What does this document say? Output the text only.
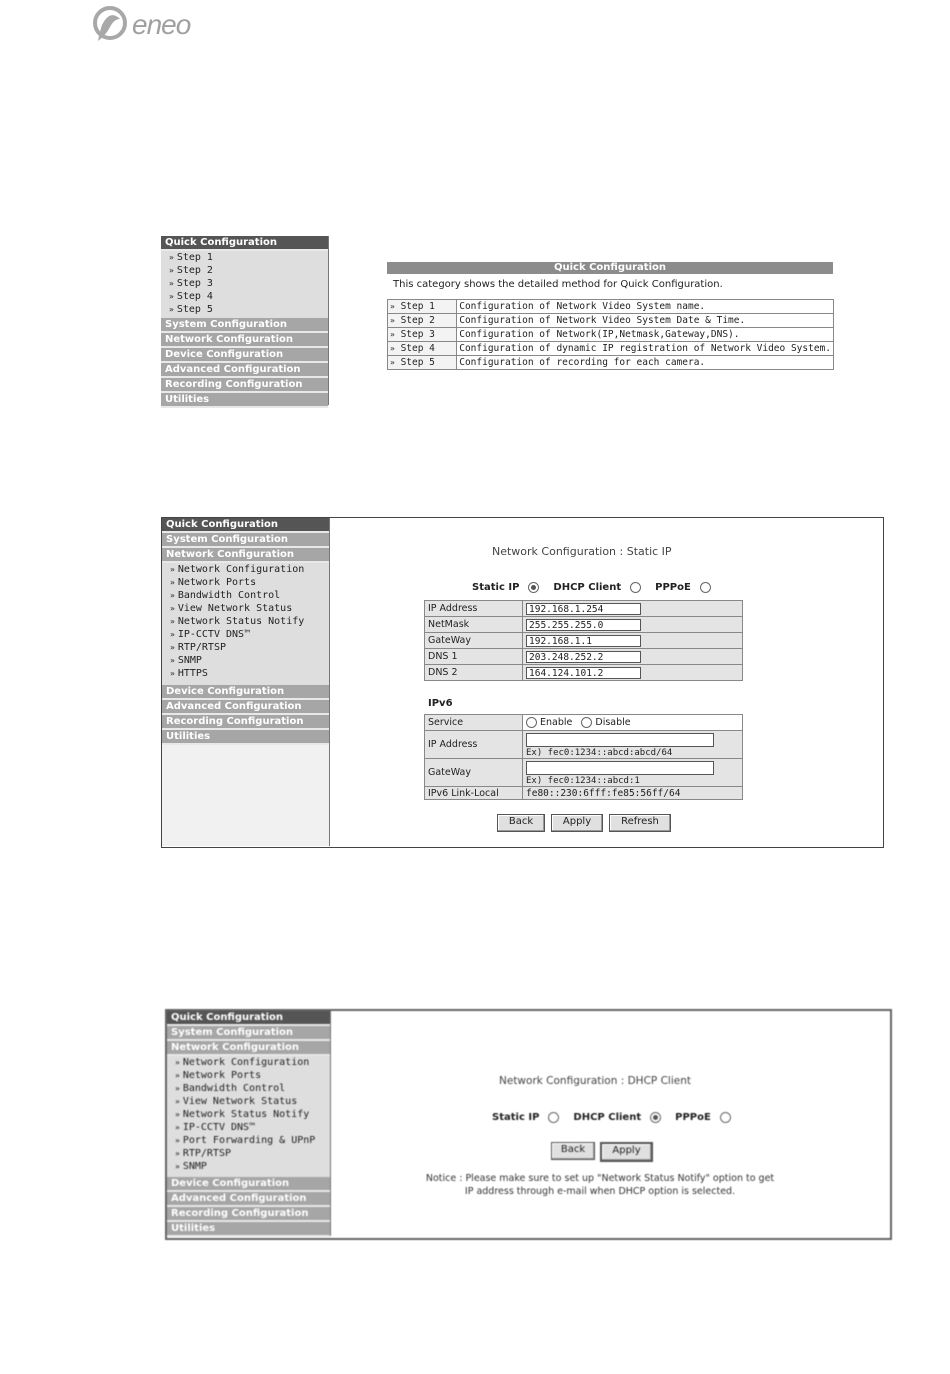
eneo
Quick Configuration
» Step 1
» Step 2
» Step 3
» Step 4
» Step 5
System Configuration
Network Configuration
Device Configuration
Advanced Configuration
Recording Configuration
Utilities
Quick Configuration
This category shows the detailed method for Quick Configuration.
» Step 1	Configuration of Network Video System name.
» Step 2	Configuration of Network Video System Date & Time.
» Step 3	Configuration of Network(IP,Netmask,Gateway,DNS).
» Step 4	Configuration of dynamic IP registration of Network Video System.
» Step 5	Configuration of recording for each camera.
Quick Configuration
System Configuration
Network Configuration
» Network Configuration
» Network Ports
» Bandwidth Control
» View Network Status
» Network Status Notify
» IP-CCTV DNS™
» RTP/RTSP
» SNMP
» HTTPS
Device Configuration
Advanced Configuration
Recording Configuration
Utilities
Network Configuration : Static IP
Static IP	DHCP Client	PPPoE
IP Address	192.168.1.254
NetMask	255.255.255.0
GateWay	192.168.1.1
DNS 1	203.248.252.2
DNS 2	164.124.101.2
IPv6
Service	Enable Disable
IP Address	Ex) fec0:1234::abcd:abcd/64
GateWay	Ex) fec0:1234::abcd:1
IPv6 Link-Local	fe80::230:6fff:fe85:56ff/64
Back	Apply	Refresh
Quick Configuration
System Configuration
Network Configuration
» Network Configuration
» Network Ports
» Bandwidth Control
» View Network Status
» Network Status Notify
» IP-CCTV DNS™
» Port Forwarding & UPnP
» RTP/RTSP
» SNMP
Device Configuration
Advanced Configuration
Recording Configuration
Utilities
Network Configuration : DHCP Client
Static IP	DHCP Client	PPPoE
Back	Apply
Notice : Please make sure to set up "Network Status Notify" option to get
IP address through e-mail when DHCP option is selected.
